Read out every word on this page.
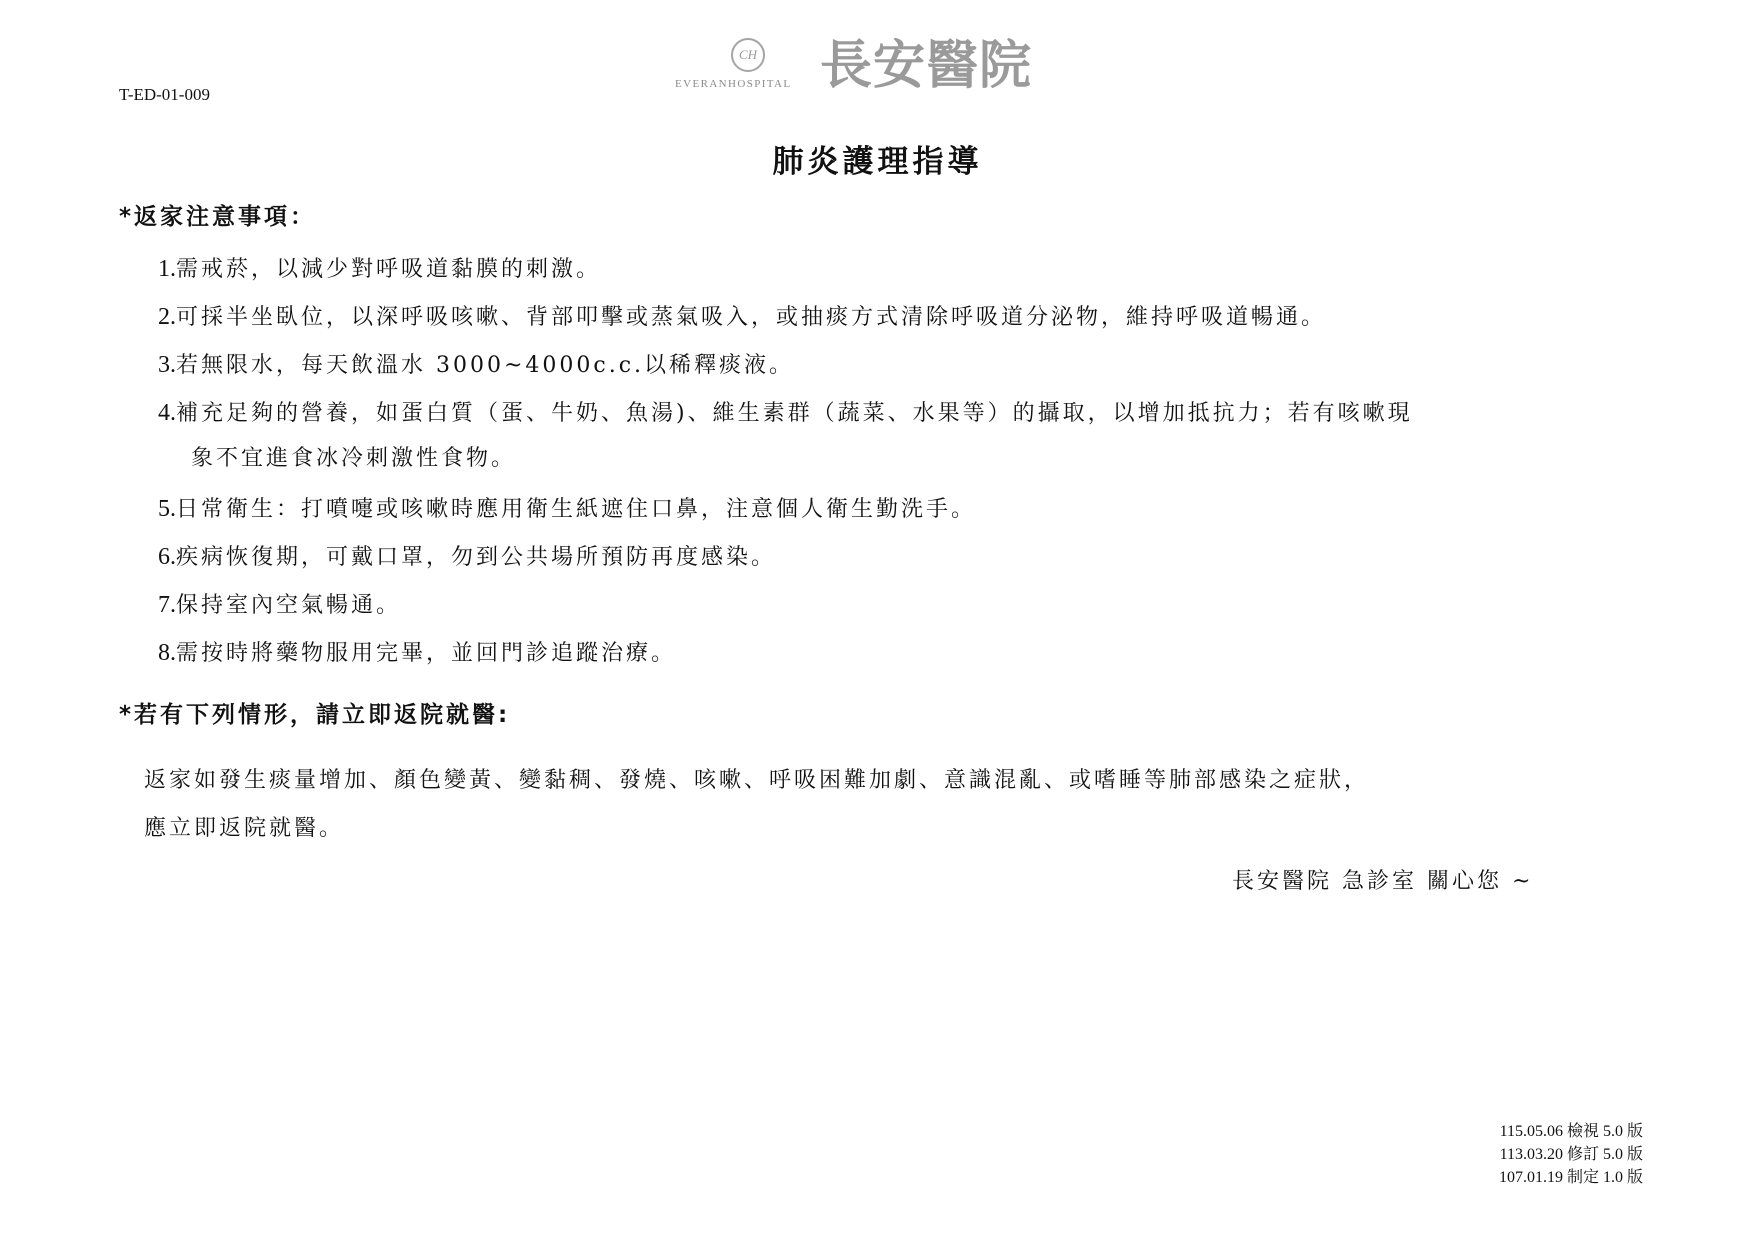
T-ED-01-009
CH
EVERANHOSPITAL 長安醫院
肺炎護理指導
*返家注意事項：
1.需戒菸，以減少對呼吸道黏膜的刺激。
2.可採半坐臥位，以深呼吸咳嗽、背部叩擊或蒸氣吸入，或抽痰方式清除呼吸道分泌物，維持呼吸道暢通。
3.若無限水，每天飲溫水 3000~4000c.c.以稀釋痰液。
4.補充足夠的營養，如蛋白質（蛋、牛奶、魚湯)、維生素群（蔬菜、水果等）的攝取，以增加抵抗力；若有咳嗽現
象不宜進食冰冷刺激性食物。
5.日常衛生：打噴嚏或咳嗽時應用衛生紙遮住口鼻，注意個人衛生勤洗手。
6.疾病恢復期，可戴口罩，勿到公共場所預防再度感染。
7.保持室內空氣暢通。
8.需按時將藥物服用完畢，並回門診追蹤治療。
*若有下列情形，請立即返院就醫:
返家如發生痰量增加、顏色變黃、變黏稠、發燒、咳嗽、呼吸困難加劇、意識混亂、或嗜睡等肺部感染之症狀，
應立即返院就醫。
長安醫院 急診室 關心您 ~
115.05.06 檢視 5.0 版
113.03.20 修訂 5.0 版
107.01.19 制定 1.0 版
